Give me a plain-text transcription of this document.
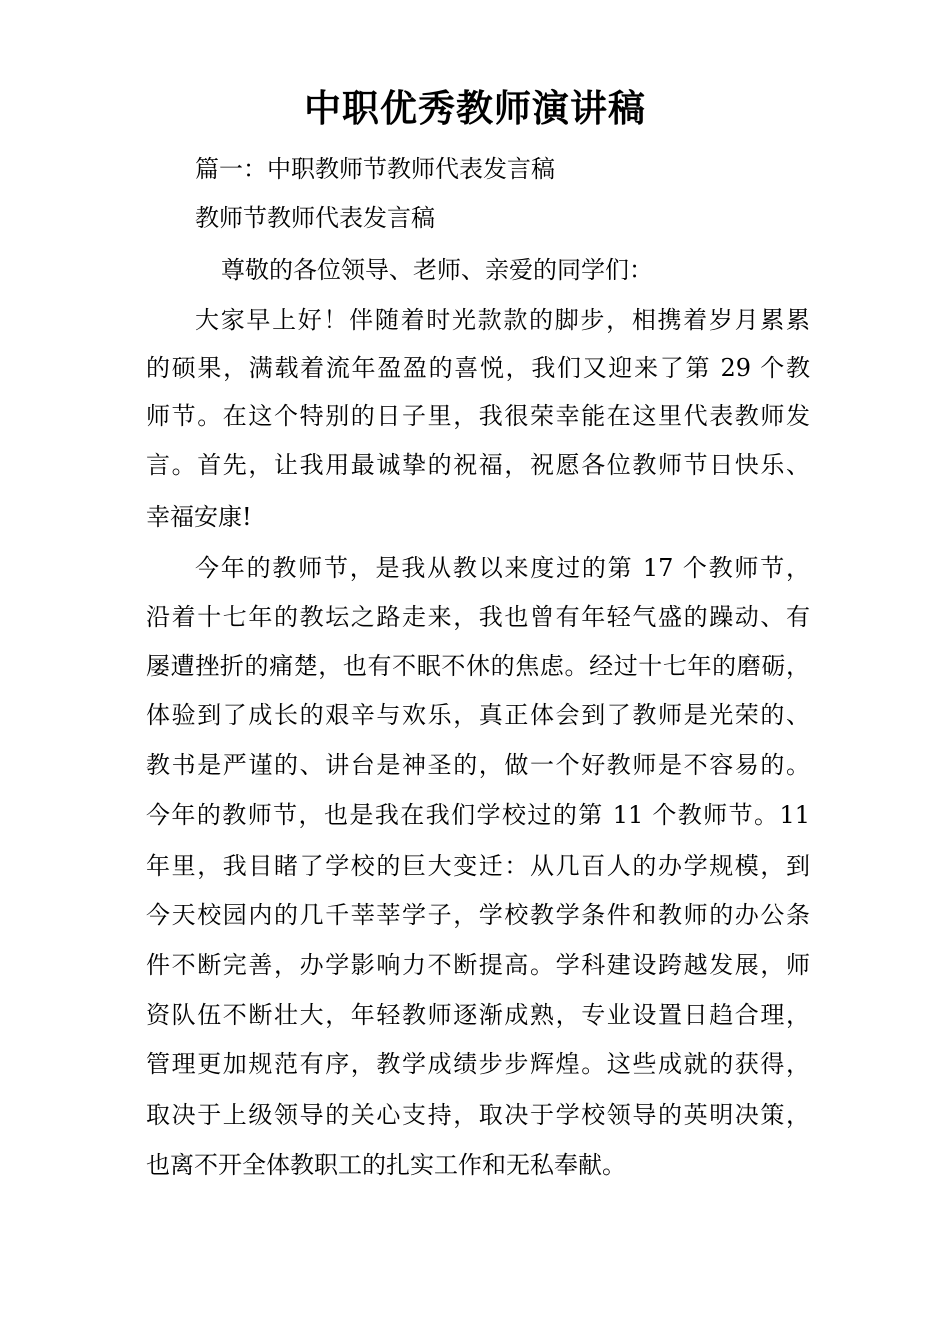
中职优秀教师演讲稿

篇一：中职教师节教师代表发言稿

教师节教师代表发言稿

尊敬的各位领导、老师、亲爱的同学们：

大家早上好！伴随着时光款款的脚步，相携着岁月累累

的硕果，满载着流年盈盈的喜悦，我们又迎来了第 29 个教

师节。在这个特别的日子里，我很荣幸能在这里代表教师发

言。首先，让我用最诚挚的祝福，祝愿各位教师节日快乐、

幸福安康!

今年的教师节，是我从教以来度过的第 17 个教师节，

沿着十七年的教坛之路走来，我也曾有年轻气盛的躁动、有

屡遭挫折的痛楚，也有不眠不休的焦虑。经过十七年的磨砺，

体验到了成长的艰辛与欢乐，真正体会到了教师是光荣的、

教书是严谨的、讲台是神圣的，做一个好教师是不容易的。

今年的教师节，也是我在我们学校过的第 11 个教师节。11

年里，我目睹了学校的巨大变迁：从几百人的办学规模，到

今天校园内的几千莘莘学子，学校教学条件和教师的办公条

件不断完善，办学影响力不断提高。学科建设跨越发展，师

资队伍不断壮大，年轻教师逐渐成熟，专业设置日趋合理，

管理更加规范有序，教学成绩步步辉煌。这些成就的获得，

取决于上级领导的关心支持，取决于学校领导的英明决策，

也离不开全体教职工的扎实工作和无私奉献。
